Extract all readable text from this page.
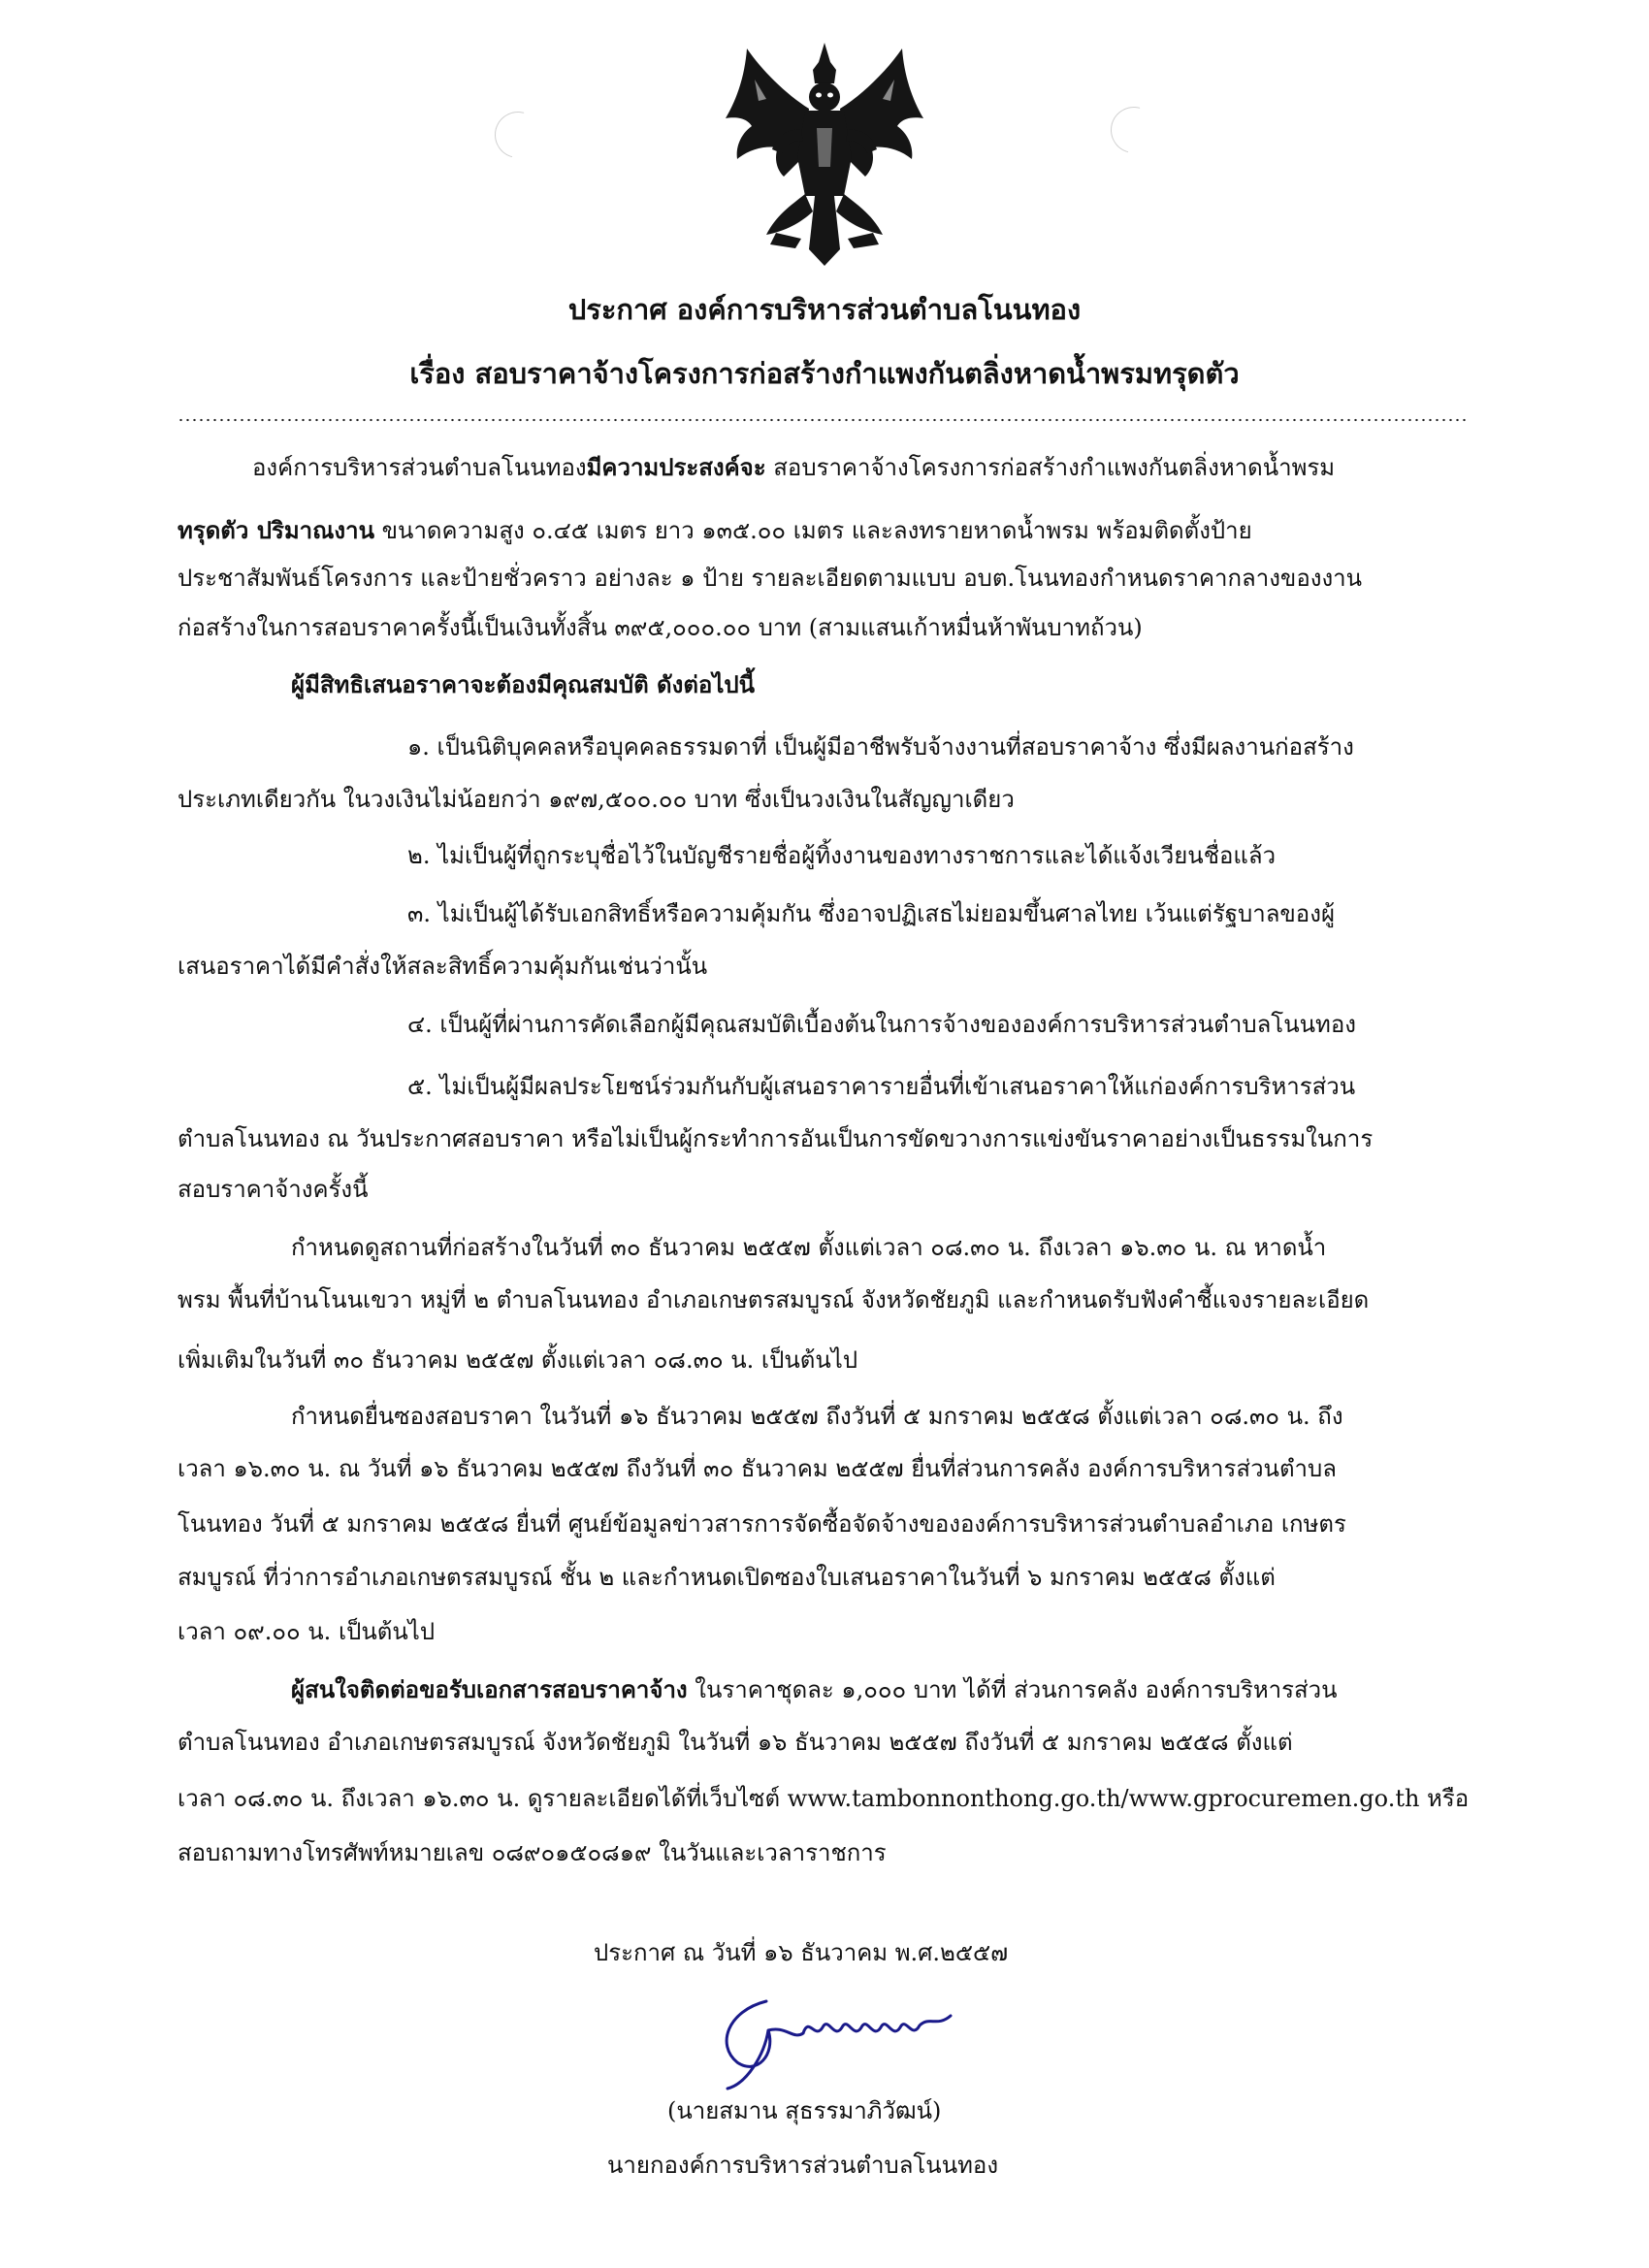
ประกาศ องค์การบริหารส่วนตำบลโนนทอง
เรื่อง สอบราคาจ้างโครงการก่อสร้างกำแพงกันตลิ่งหาดน้ำพรมทรุดตัว
องค์การบริหารส่วนตำบลโนนทองมีความประสงค์จะ สอบราคาจ้างโครงการก่อสร้างกำแพงกันตลิ่งหาดน้ำพรม
ทรุดตัว ปริมาณงาน ขนาดความสูง ๐.๔๕ เมตร ยาว ๑๓๕.๐๐ เมตร และลงทรายหาดน้ำพรม พร้อมติดตั้งป้าย
ประชาสัมพันธ์โครงการ และป้ายชั่วคราว อย่างละ ๑ ป้าย รายละเอียดตามแบบ อบต.โนนทองกำหนดราคากลางของงาน
ก่อสร้างในการสอบราคาครั้งนี้เป็นเงินทั้งสิ้น ๓๙๕,๐๐๐.๐๐ บาท (สามแสนเก้าหมื่นห้าพันบาทถ้วน)
ผู้มีสิทธิเสนอราคาจะต้องมีคุณสมบัติ ดังต่อไปนี้
๑. เป็นนิติบุคคลหรือบุคคลธรรมดาที่ เป็นผู้มีอาชีพรับจ้างงานที่สอบราคาจ้าง ซึ่งมีผลงานก่อสร้าง
ประเภทเดียวกัน ในวงเงินไม่น้อยกว่า ๑๙๗,๕๐๐.๐๐ บาท ซึ่งเป็นวงเงินในสัญญาเดียว
๒. ไม่เป็นผู้ที่ถูกระบุชื่อไว้ในบัญชีรายชื่อผู้ทิ้งงานของทางราชการและได้แจ้งเวียนชื่อแล้ว
๓. ไม่เป็นผู้ได้รับเอกสิทธิ์หรือความคุ้มกัน ซึ่งอาจปฏิเสธไม่ยอมขึ้นศาลไทย เว้นแต่รัฐบาลของผู้
เสนอราคาได้มีคำสั่งให้สละสิทธิ์ความคุ้มกันเช่นว่านั้น
๔. เป็นผู้ที่ผ่านการคัดเลือกผู้มีคุณสมบัติเบื้องต้นในการจ้างขององค์การบริหารส่วนตำบลโนนทอง
๕. ไม่เป็นผู้มีผลประโยชน์ร่วมกันกับผู้เสนอราคารายอื่นที่เข้าเสนอราคาให้แก่องค์การบริหารส่วน
ตำบลโนนทอง ณ วันประกาศสอบราคา หรือไม่เป็นผู้กระทำการอันเป็นการขัดขวางการแข่งขันราคาอย่างเป็นธรรมในการ
สอบราคาจ้างครั้งนี้
กำหนดดูสถานที่ก่อสร้างในวันที่ ๓๐ ธันวาคม ๒๕๕๗ ตั้งแต่เวลา ๐๘.๓๐ น. ถึงเวลา ๑๖.๓๐ น. ณ หาดน้ำ
พรม พื้นที่บ้านโนนเขวา หมู่ที่ ๒ ตำบลโนนทอง อำเภอเกษตรสมบูรณ์ จังหวัดชัยภูมิ และกำหนดรับฟังคำชี้แจงรายละเอียด
เพิ่มเติมในวันที่ ๓๐ ธันวาคม ๒๕๕๗ ตั้งแต่เวลา ๐๘.๓๐ น. เป็นต้นไป
กำหนดยื่นซองสอบราคา ในวันที่ ๑๖ ธันวาคม ๒๕๕๗ ถึงวันที่ ๕ มกราคม ๒๕๕๘ ตั้งแต่เวลา ๐๘.๓๐ น. ถึง
เวลา ๑๖.๓๐ น. ณ วันที่ ๑๖ ธันวาคม ๒๕๕๗ ถึงวันที่ ๓๐ ธันวาคม ๒๕๕๗ ยื่นที่ส่วนการคลัง องค์การบริหารส่วนตำบล
โนนทอง วันที่ ๕ มกราคม ๒๕๕๘ ยื่นที่ ศูนย์ข้อมูลข่าวสารการจัดซื้อจัดจ้างขององค์การบริหารส่วนตำบลอำเภอ เกษตร
สมบูรณ์ ที่ว่าการอำเภอเกษตรสมบูรณ์ ชั้น ๒ และกำหนดเปิดซองใบเสนอราคาในวันที่ ๖ มกราคม ๒๕๕๘ ตั้งแต่
เวลา ๐๙.๐๐ น. เป็นต้นไป
ผู้สนใจติดต่อขอรับเอกสารสอบราคาจ้าง ในราคาชุดละ ๑,๐๐๐ บาท ได้ที่ ส่วนการคลัง องค์การบริหารส่วน
ตำบลโนนทอง อำเภอเกษตรสมบูรณ์ จังหวัดชัยภูมิ ในวันที่ ๑๖ ธันวาคม ๒๕๕๗ ถึงวันที่ ๕ มกราคม ๒๕๕๘ ตั้งแต่
เวลา ๐๘.๓๐ น. ถึงเวลา ๑๖.๓๐ น. ดูรายละเอียดได้ที่เว็บไซต์ www.tambonnonthong.go.th/www.gprocuremen.go.th หรือ
สอบถามทางโทรศัพท์หมายเลข ๐๘๙๐๑๕๐๘๑๙ ในวันและเวลาราชการ
ประกาศ ณ วันที่ ๑๖ ธันวาคม พ.ศ.๒๕๕๗
(นายสมาน สุธรรมาภิวัฒน์)
นายกองค์การบริหารส่วนตำบลโนนทอง
